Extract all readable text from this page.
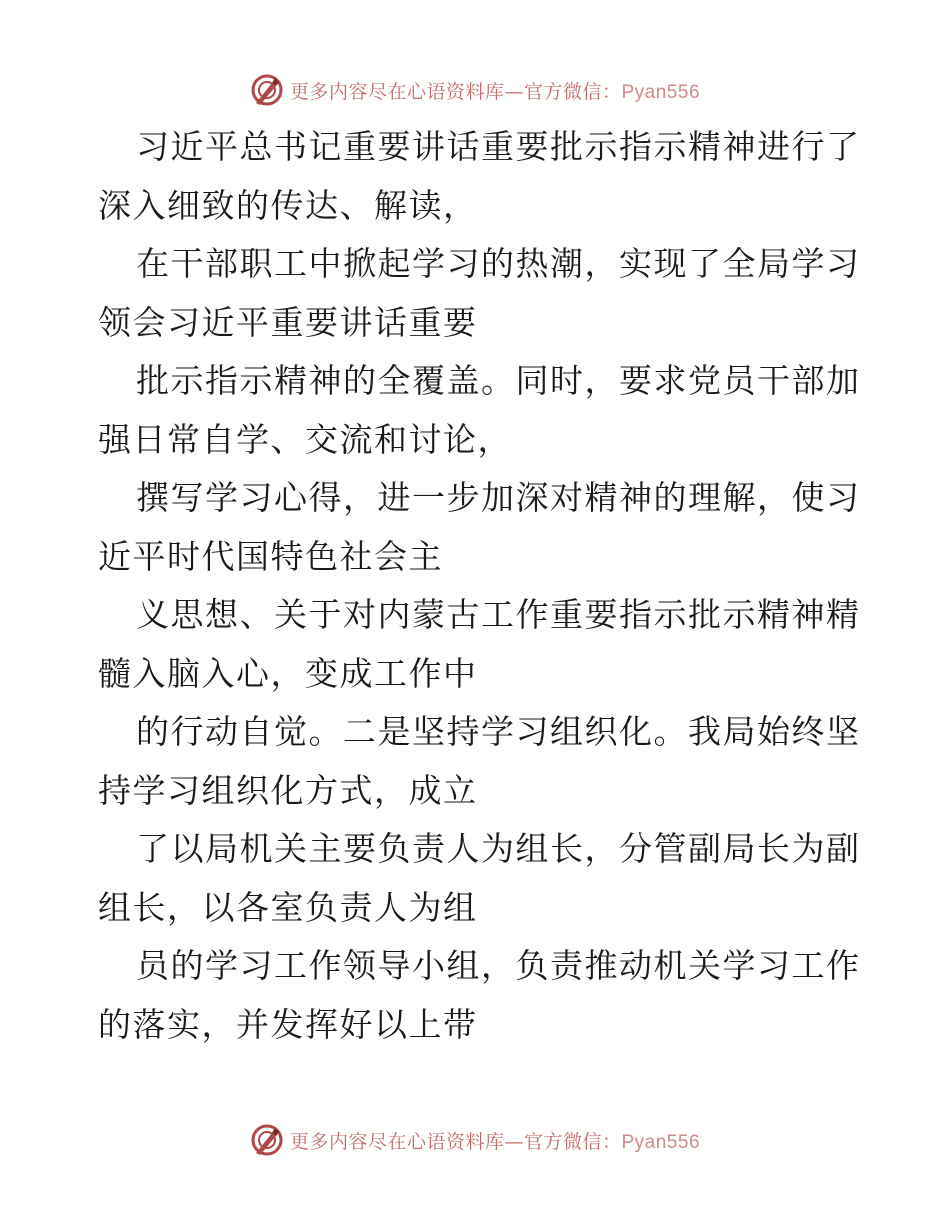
更多内容尽在心语资料库—官方微信：Pyan556
习近平总书记重要讲话重要批示指示精神进行了
深入细致的传达、解读，
在干部职工中掀起学习的热潮，实现了全局学习
领会习近平重要讲话重要
批示指示精神的全覆盖。同时，要求党员干部加
强日常自学、交流和讨论，
撰写学习心得，进一步加深对精神的理解，使习
近平时代国特色社会主
义思想、关于对内蒙古工作重要指示批示精神精
髓入脑入心，变成工作中
的行动自觉。二是坚持学习组织化。我局始终坚
持学习组织化方式，成立
了以局机关主要负责人为组长，分管副局长为副
组长，以各室负责人为组
员的学习工作领导小组，负责推动机关学习工作
的落实，并发挥好以上带
更多内容尽在心语资料库—官方微信：Pyan556
